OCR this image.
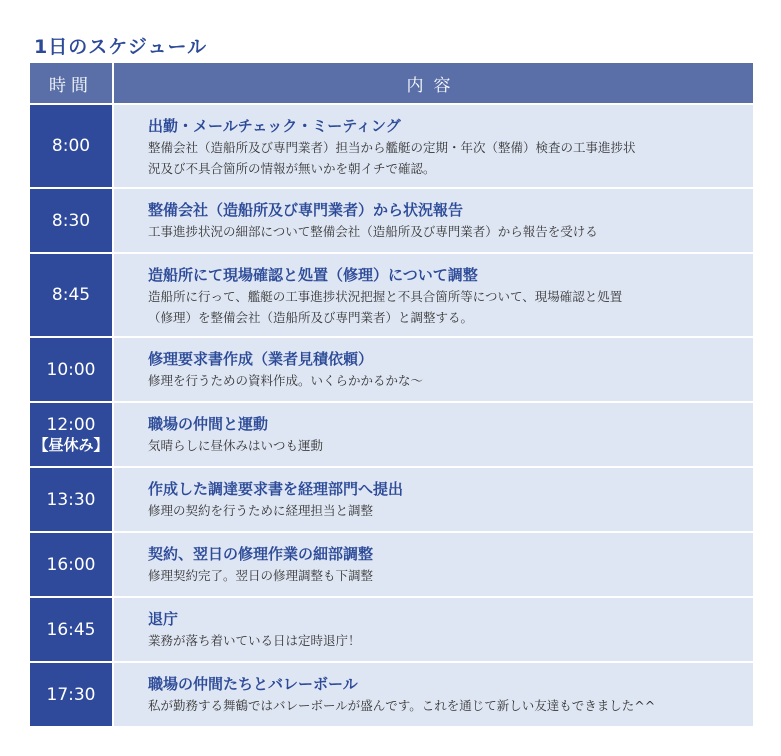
1日のスケジュール
時間	内容
8:00
出勤・メールチェック・ミーティング
整備会社（造船所及び専門業者）担当から艦艇の定期・年次（整備）検査の工事進捗状
況及び不具合箇所の情報が無いかを朝イチで確認。
8:30
整備会社（造船所及び専門業者）から状況報告
工事進捗状況の細部について整備会社（造船所及び専門業者）から報告を受ける
8:45
造船所にて現場確認と処置（修理）について調整
造船所に行って、艦艇の工事進捗状況把握と不具合箇所等について、現場確認と処置
（修理）を整備会社（造船所及び専門業者）と調整する。
10:00
修理要求書作成（業者見積依頼）
修理を行うための資料作成。いくらかかるかな～
12:00
【昼休み】
職場の仲間と運動
気晴らしに昼休みはいつも運動
13:30
作成した調達要求書を経理部門へ提出
修理の契約を行うために経理担当と調整
16:00
契約、翌日の修理作業の細部調整
修理契約完了。翌日の修理調整も下調整
16:45
退庁
業務が落ち着いている日は定時退庁！
17:30
職場の仲間たちとバレーボール
私が勤務する舞鶴ではバレーボールが盛んです。これを通じて新しい友達もできました^^
